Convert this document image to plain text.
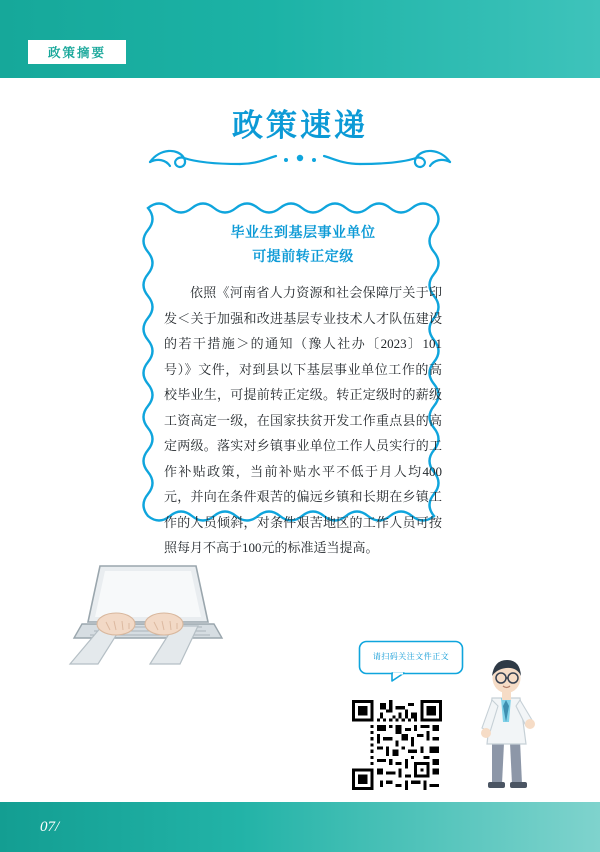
政策摘要
政策速递
毕业生到基层事业单位
可提前转正定级
依照《河南省人力资源和社会保障厅关于印发＜关于加强和改进基层专业技术人才队伍建设的若干措施＞的通知（豫人社办〔2023〕101号）》文件，对到县以下基层事业单位工作的高校毕业生，可提前转正定级。转正定级时的薪级工资高定一级，在国家扶贫开发工作重点县的高定两级。落实对乡镇事业单位工作人员实行的工作补贴政策，当前补贴水平不低于月人均400元，并向在条件艰苦的偏远乡镇和长期在乡镇工作的人员倾斜，对条件艰苦地区的工作人员可按照每月不高于100元的标准适当提高。
请扫码关注文件正文
07/
